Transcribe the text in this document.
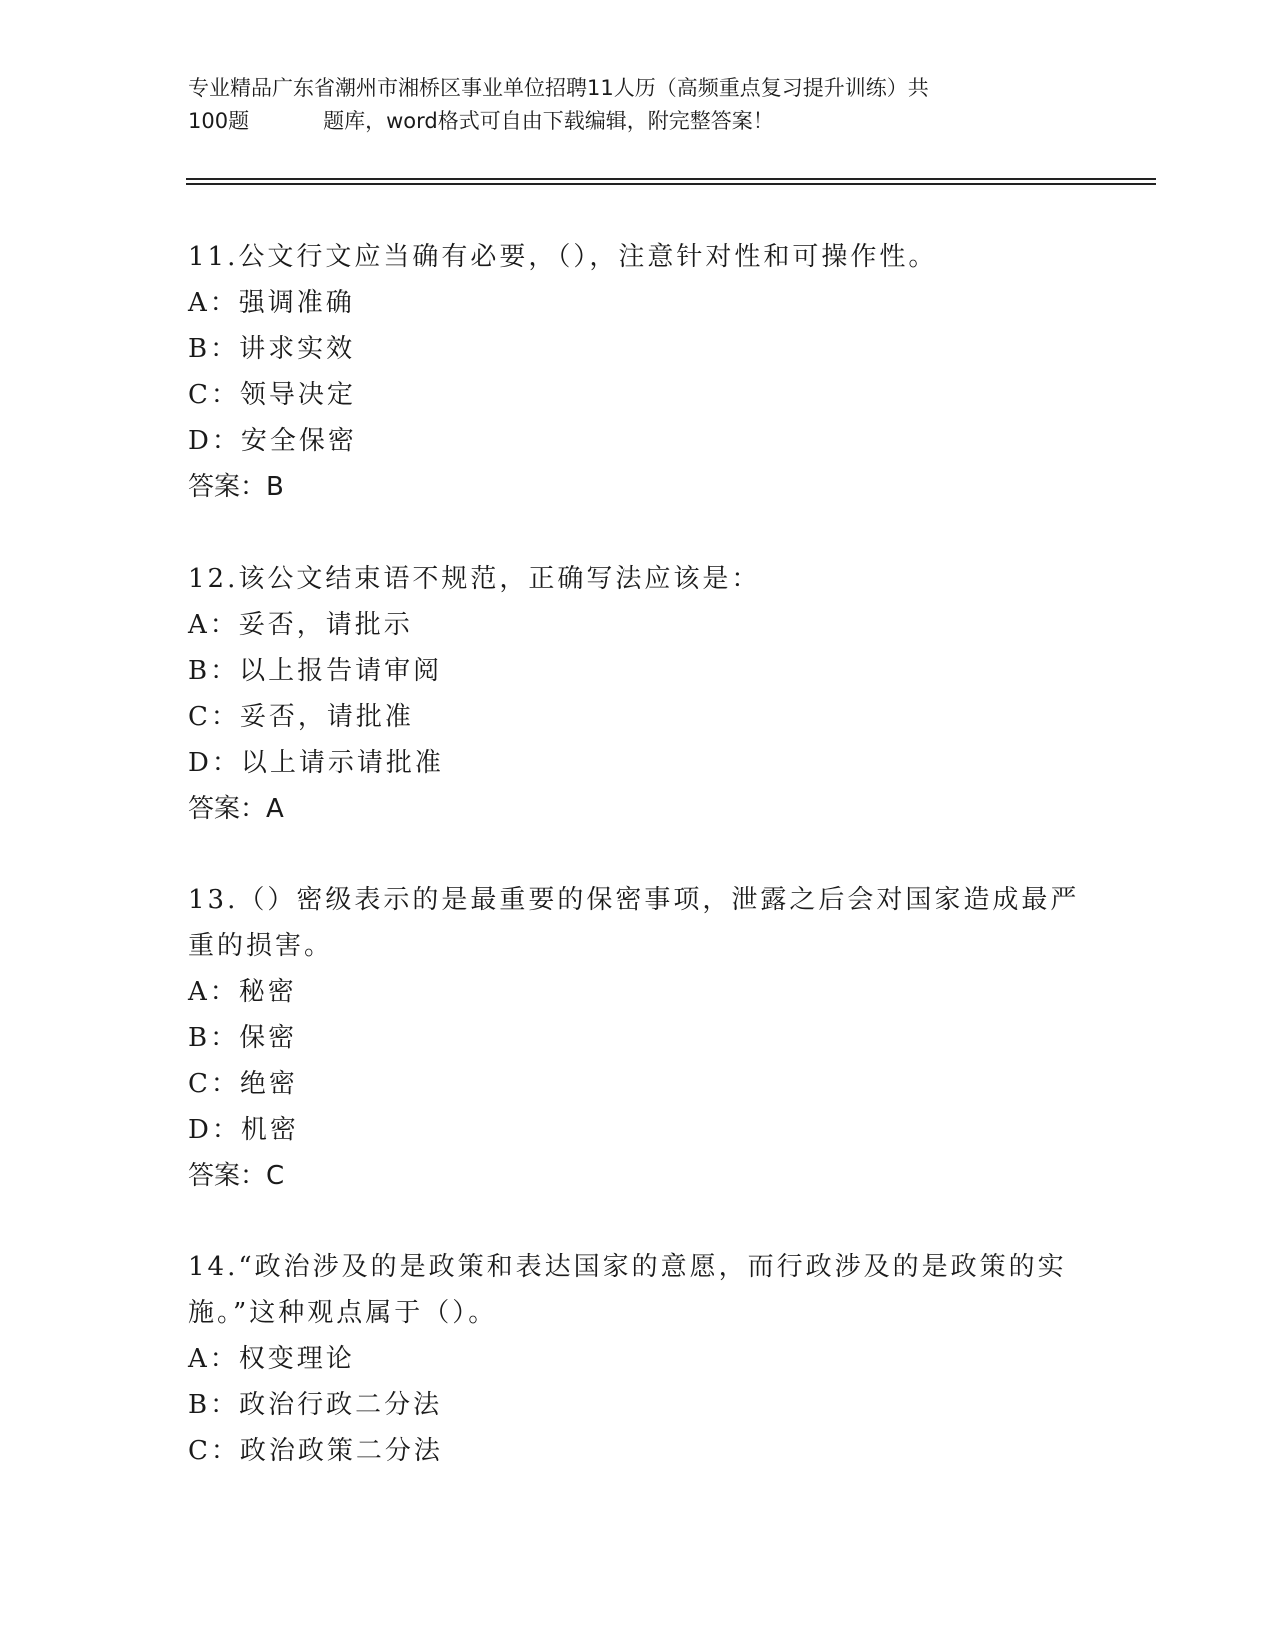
专业精品广东省潮州市湘桥区事业单位招聘11人历（高频重点复习提升训练）共
100题	题库，word格式可自由下载编辑，附完整答案！

11.公文行文应当确有必要，（），注意针对性和可操作性。

A：强调准确

B：讲求实效

C：领导决定

D：安全保密

答案：B

12.该公文结束语不规范，正确写法应该是：

A：妥否，请批示

B：以上报告请审阅

C：妥否，请批准

D：以上请示请批准

答案：A

13.（）密级表示的是最重要的保密事项，泄露之后会对国家造成最严重的损害。

A：秘密

B：保密

C：绝密

D：机密

答案：C

14.“政治涉及的是政策和表达国家的意愿，而行政涉及的是政策的实施。”这种观点属于（）。

A：权变理论

B：政治行政二分法

C：政治政策二分法
